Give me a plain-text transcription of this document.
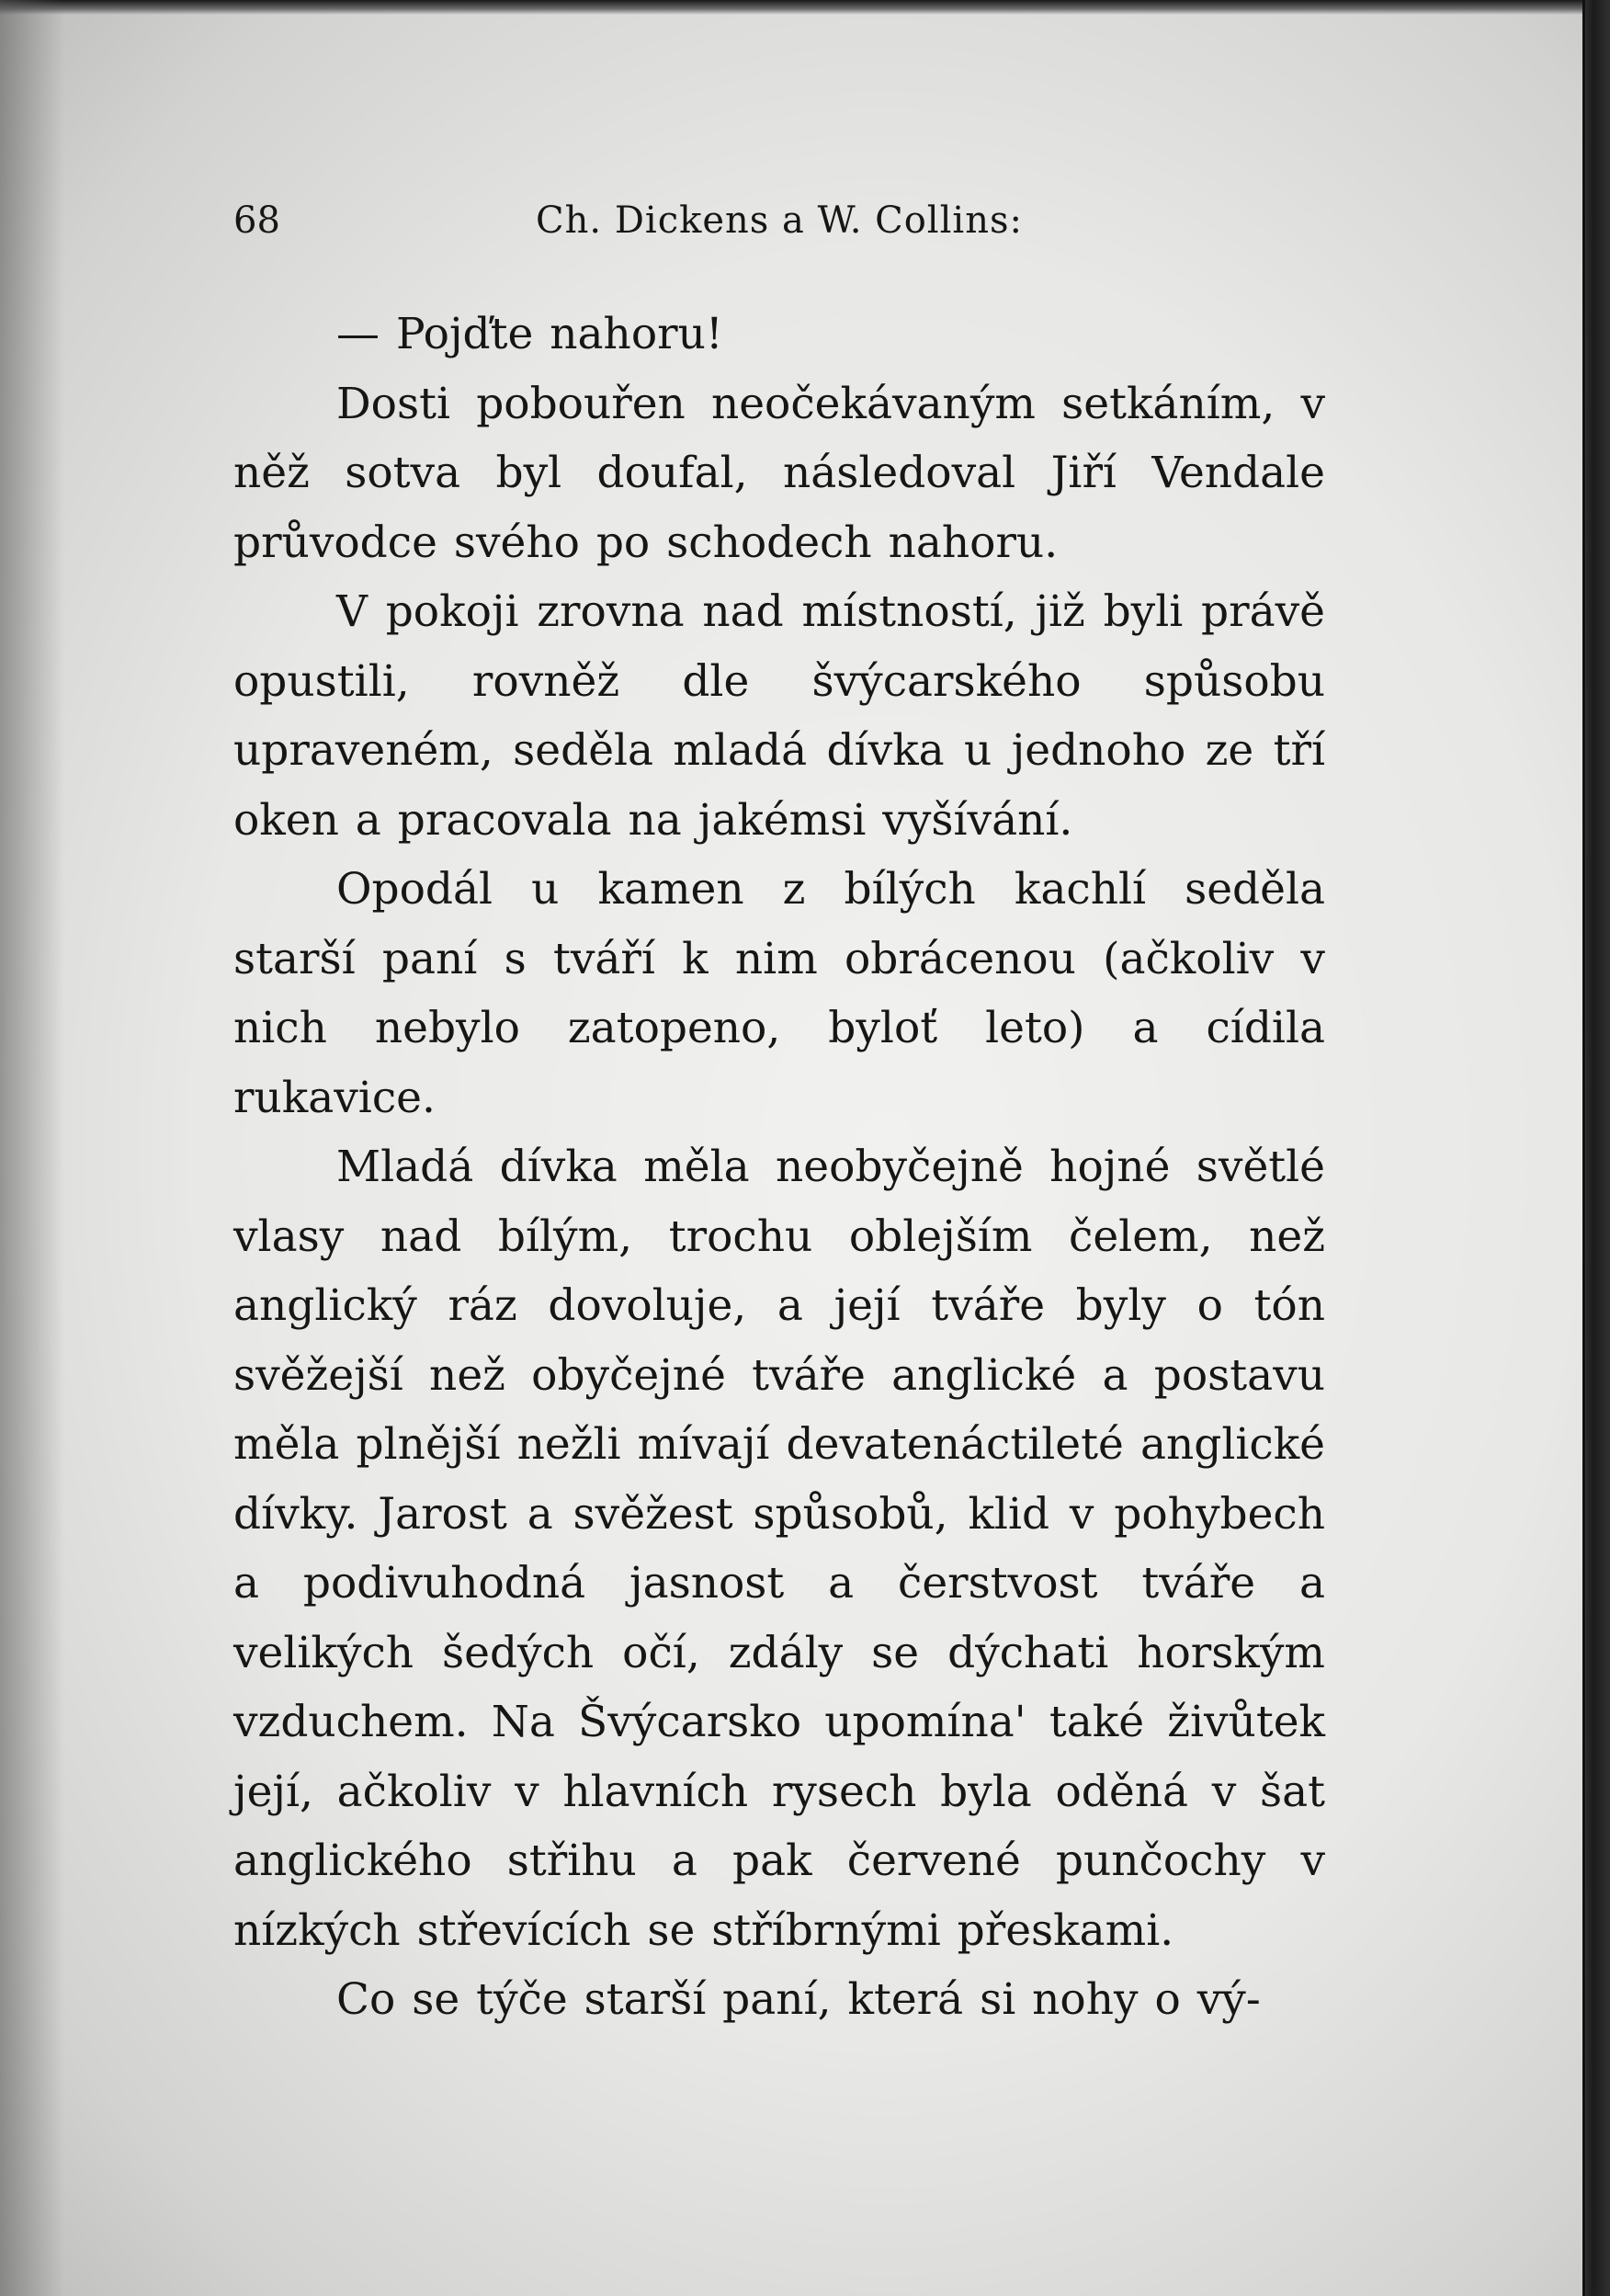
68	Ch. Dickens a W. Collins:

— Pojďte nahoru!

Dosti pobouřen neočekávaným setkáním, v něž sotva byl doufal, následoval Jiří Vendale průvodce svého po schodech nahoru.

V pokoji zrovna nad místností, již byli právě opustili, rovněž dle švýcarského spůsobu upraveném, seděla mladá dívka u jednoho ze tří oken a pracovala na jakémsi vyšívání.

Opodál u kamen z bílých kachlí seděla starší paní s tváří k nim obrácenou (ačkoliv v nich nebylo zatopeno, byloť leto) a cídila rukavice.

Mladá dívka měla neobyčejně hojné světlé vlasy nad bílým, trochu oblejším čelem, než anglický ráz dovoluje, a její tváře byly o tón svěžejší než obyčejné tváře anglické a postavu měla plnější nežli mívají devatenáctileté anglické dívky. Jarost a svěžest spůsobů, klid v pohybech a podivuhodná jasnost a čerstvost tváře a velikých šedých očí, zdály se dýchati horským vzduchem. Na Švýcarsko upomína' také živůtek její, ačkoliv v hlavních rysech byla oděná v šat anglického střihu a pak červené punčochy v nízkých střevících se stříbrnými přeskami.

Co se týče starší paní, která si nohy o vý-
